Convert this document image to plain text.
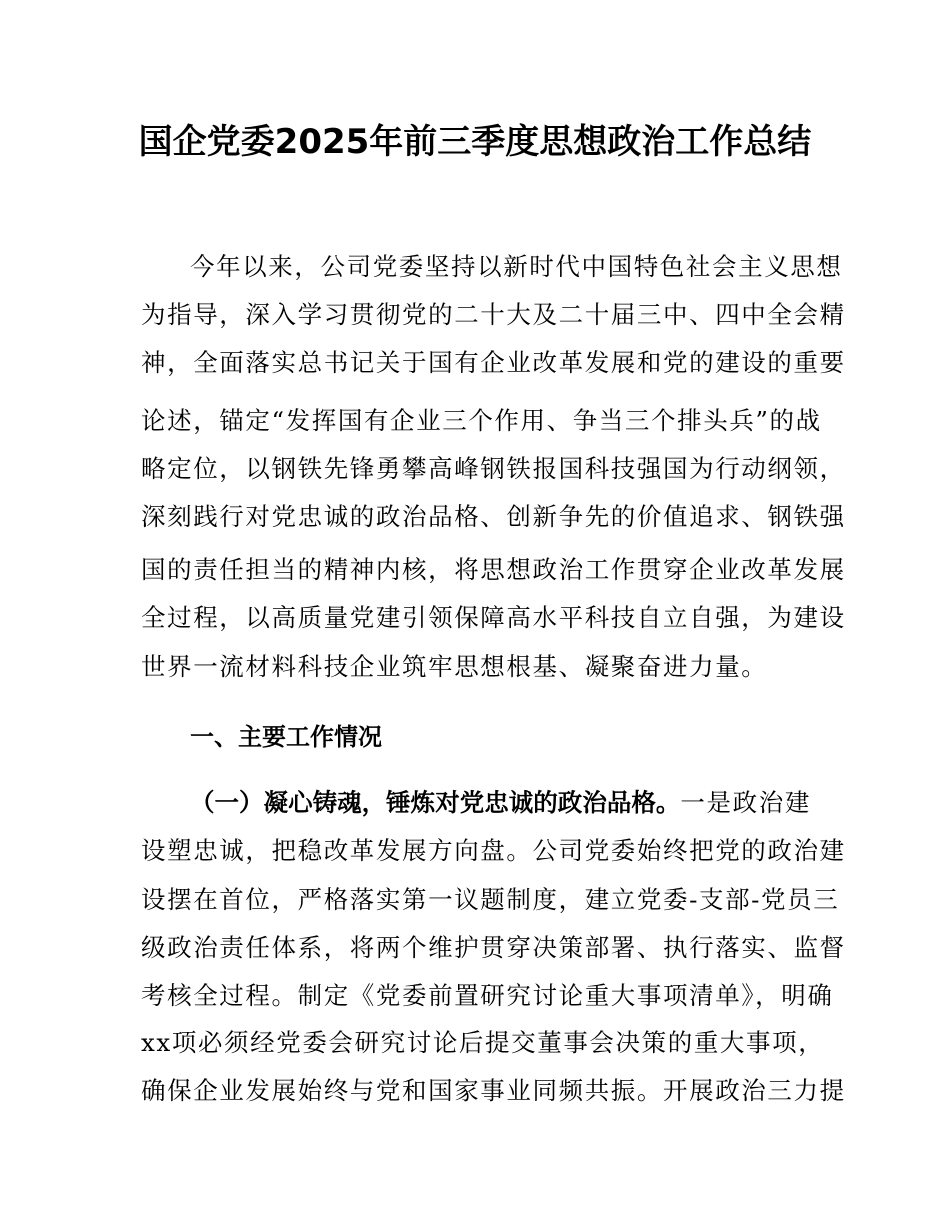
国企党委2025年前三季度思想政治工作总结
今年以来，公司党委坚持以新时代中国特色社会主义思想
为指导，深入学习贯彻党的二十大及二十届三中、四中全会精
神，全面落实总书记关于国有企业改革发展和党的建设的重要
论述，锚定“发挥国有企业三个作用、争当三个排头兵”的战
略定位，以钢铁先锋勇攀高峰钢铁报国科技强国为行动纲领，
深刻践行对党忠诚的政治品格、创新争先的价值追求、钢铁强
国的责任担当的精神内核，将思想政治工作贯穿企业改革发展
全过程，以高质量党建引领保障高水平科技自立自强，为建设
世界一流材料科技企业筑牢思想根基、凝聚奋进力量。
一、主要工作情况
（一）凝心铸魂，锤炼对党忠诚的政治品格。一是政治建
设塑忠诚，把稳改革发展方向盘。公司党委始终把党的政治建
设摆在首位，严格落实第一议题制度，建立党委-支部-党员三
级政治责任体系，将两个维护贯穿决策部署、执行落实、监督
考核全过程。制定《党委前置研究讨论重大事项清单》，明确
xx项必须经党委会研究讨论后提交董事会决策的重大事项，
确保企业发展始终与党和国家事业同频共振。开展政治三力提
